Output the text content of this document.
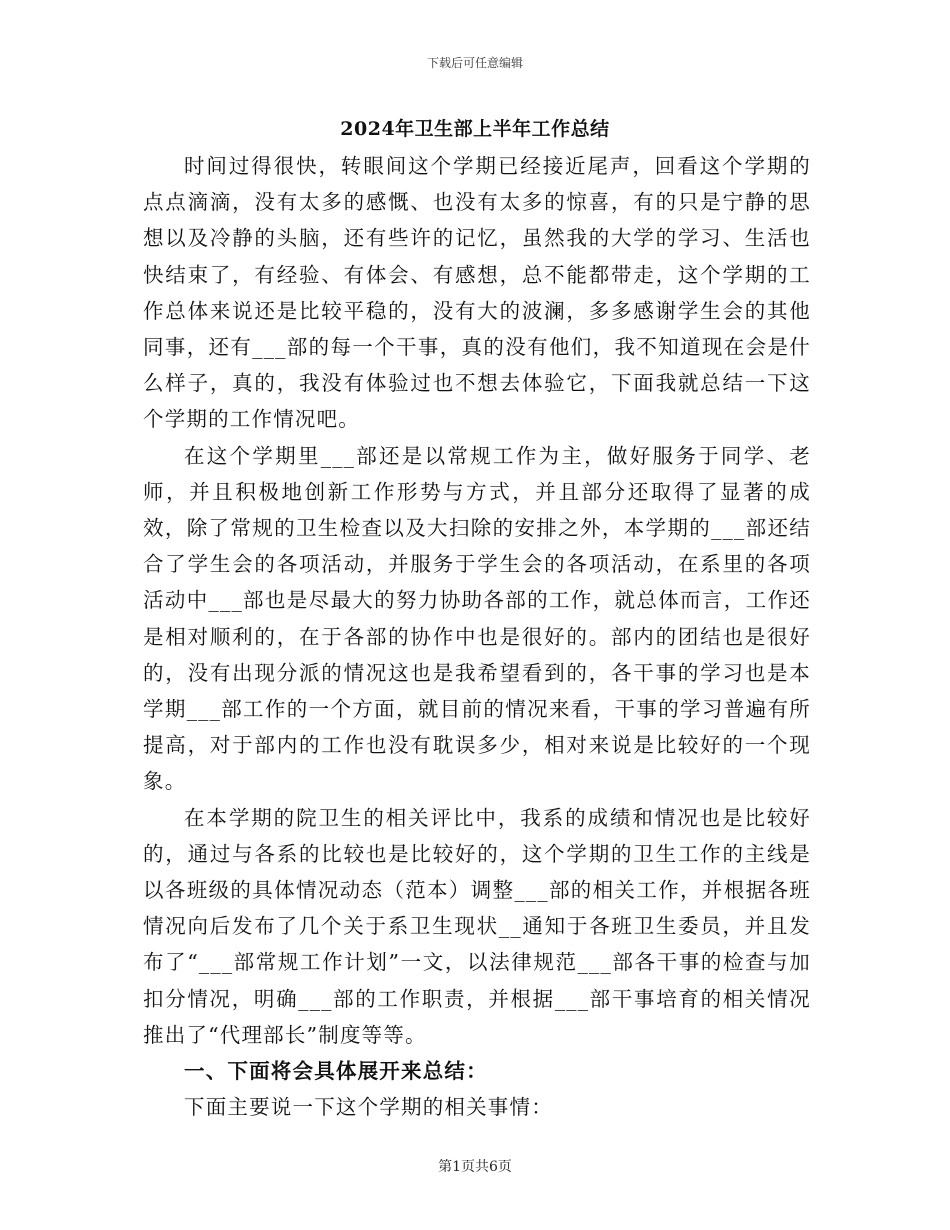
下载后可任意编辑
2024年卫生部上半年工作总结

时间过得很快，转眼间这个学期已经接近尾声，回看这个学期的点点滴滴，没有太多的感慨、也没有太多的惊喜，有的只是宁静的思想以及冷静的头脑，还有些许的记忆，虽然我的大学的学习、生活也快结束了，有经验、有体会、有感想，总不能都带走，这个学期的工作总体来说还是比较平稳的，没有大的波澜，多多感谢学生会的其他同事，还有___部的每一个干事，真的没有他们，我不知道现在会是什么样子，真的，我没有体验过也不想去体验它，下面我就总结一下这个学期的工作情况吧。

在这个学期里___部还是以常规工作为主，做好服务于同学、老师，并且积极地创新工作形势与方式，并且部分还取得了显著的成效，除了常规的卫生检查以及大扫除的安排之外，本学期的___部还结合了学生会的各项活动，并服务于学生会的各项活动，在系里的各项活动中___部也是尽最大的努力协助各部的工作，就总体而言，工作还是相对顺利的，在于各部的协作中也是很好的。部内的团结也是很好的，没有出现分派的情况这也是我希望看到的，各干事的学习也是本学期___部工作的一个方面，就目前的情况来看，干事的学习普遍有所提高，对于部内的工作也没有耽误多少，相对来说是比较好的一个现象。

在本学期的院卫生的相关评比中，我系的成绩和情况也是比较好的，通过与各系的比较也是比较好的，这个学期的卫生工作的主线是以各班级的具体情况动态（范本）调整___部的相关工作，并根据各班情况向后发布了几个关于系卫生现状__通知于各班卫生委员，并且发布了“___部常规工作计划”一文，以法律规范___部各干事的检查与加扣分情况，明确___部的工作职责，并根据___部干事培育的相关情况推出了“代理部长”制度等等。

一、下面将会具体展开来总结：

下面主要说一下这个学期的相关事情：

第1页共6页
